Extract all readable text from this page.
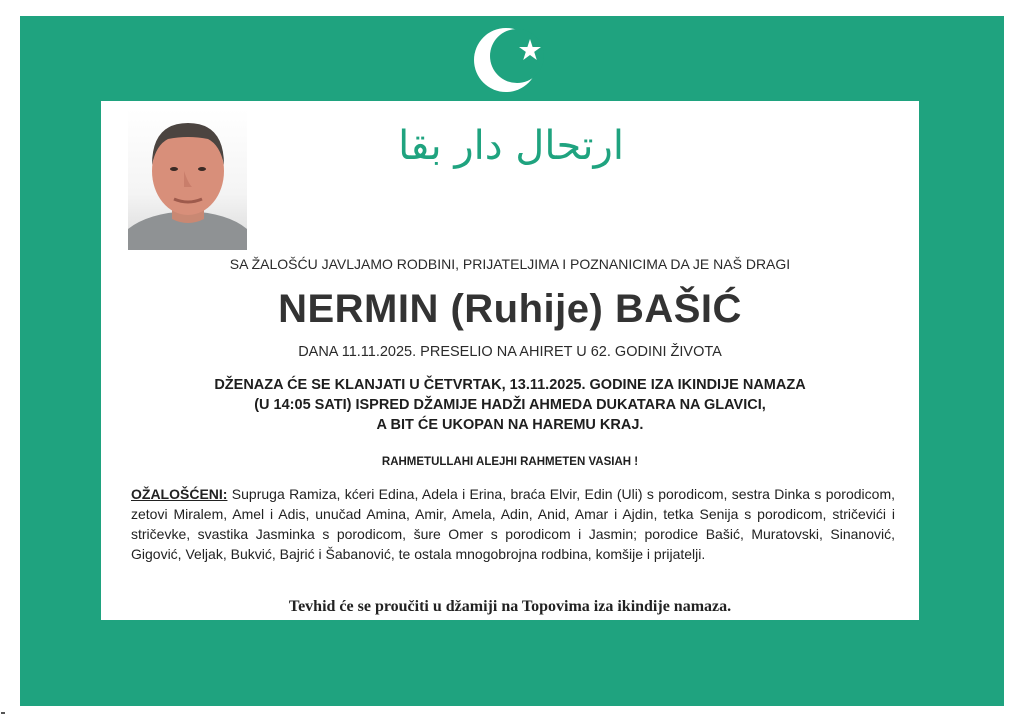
ارتحال دار بقا
SA ŽALOŠĆU JAVLJAMO RODBINI, PRIJATELJIMA I POZNANICIMA DA JE NAŠ DRAGI
NERMIN (Ruhije) BAŠIĆ
DANA 11.11.2025. PRESELIO NA AHIRET U 62. GODINI ŽIVOTA
DŽENAZA ĆE SE KLANJATI U ČETVRTAK, 13.11.2025. GODINE IZA IKINDIJE NAMAZA
(U 14:05 SATI) ISPRED DŽAMIJE HADŽI AHMEDA DUKATARA NA GLAVICI,
A BIT ĆE UKOPAN NA HAREMU KRAJ.
RAHMETULLAHI ALEJHI RAHMETEN VASIAH !
OŽALOŠĆENI: Supruga Ramiza, kćeri Edina, Adela i Erina, braća Elvir, Edin (Uli) s porodicom, sestra Dinka s porodicom, zetovi Miralem, Amel i Adis, unučad Amina, Amir, Amela, Adin, Anid, Amar i Ajdin, tetka Senija s porodicom, stričevići i stričevke, svastika Jasminka s porodicom, šure Omer s porodicom i Jasmin; porodice Bašić, Muratovski, Sinanović, Gigović, Veljak, Bukvić, Bajrić i Šabanović, te ostala mnogobrojna rodbina, komšije i prijatelji.
Tevhid će se proučiti u džamiji na Topovima iza ikindije namaza.
